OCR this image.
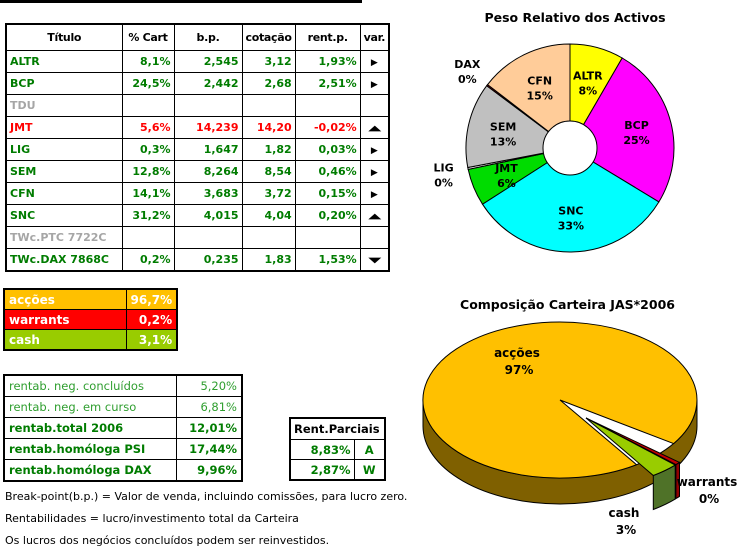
Título	% Cart	b.p.	cotação	rent.p.	var.
ALTR	8,1%	2,545	3,12	1,93%	▶
BCP	24,5%	2,442	2,68	2,51%	▶
TDU					
JMT	5,6%	14,239	14,20	-0,02%	▲
LIG	0,3%	1,647	1,82	0,03%	▶
SEM	12,8%	8,264	8,54	0,46%	▶
CFN	14,1%	3,683	3,72	0,15%	▶
SNC	31,2%	4,015	4,04	0,20%	▲
TWc.PTC 7722C					
TWc.DAX 7868C	0,2%	0,235	1,83	1,53%	▼
Peso Relativo dos Activos
ALTR
8%
BCP
25%
SNC
33%
JMT
6%
LIG
0%
SEM
13%
DAX
0%	CFN
15%
acções	96,7%
warrants	0,2%
cash	3,1%
rentab. neg. concluídos	5,20%
rentab. neg. em curso	6,81%
rentab.total 2006	12,01%
rentab.homóloga PSI	17,44%
rentab.homóloga DAX	9,96%
Rent.Parciais	
8,83%	A
2,87%	W
Composição Carteira JAS*2006
acções
97%
cash
3%
warrants
0%
Break-point(b.p.) = Valor de venda, incluindo comissões, para lucro zero.
Rentabilidades = lucro/investimento total da Carteira
Os lucros dos negócios concluídos podem ser reinvestidos.
